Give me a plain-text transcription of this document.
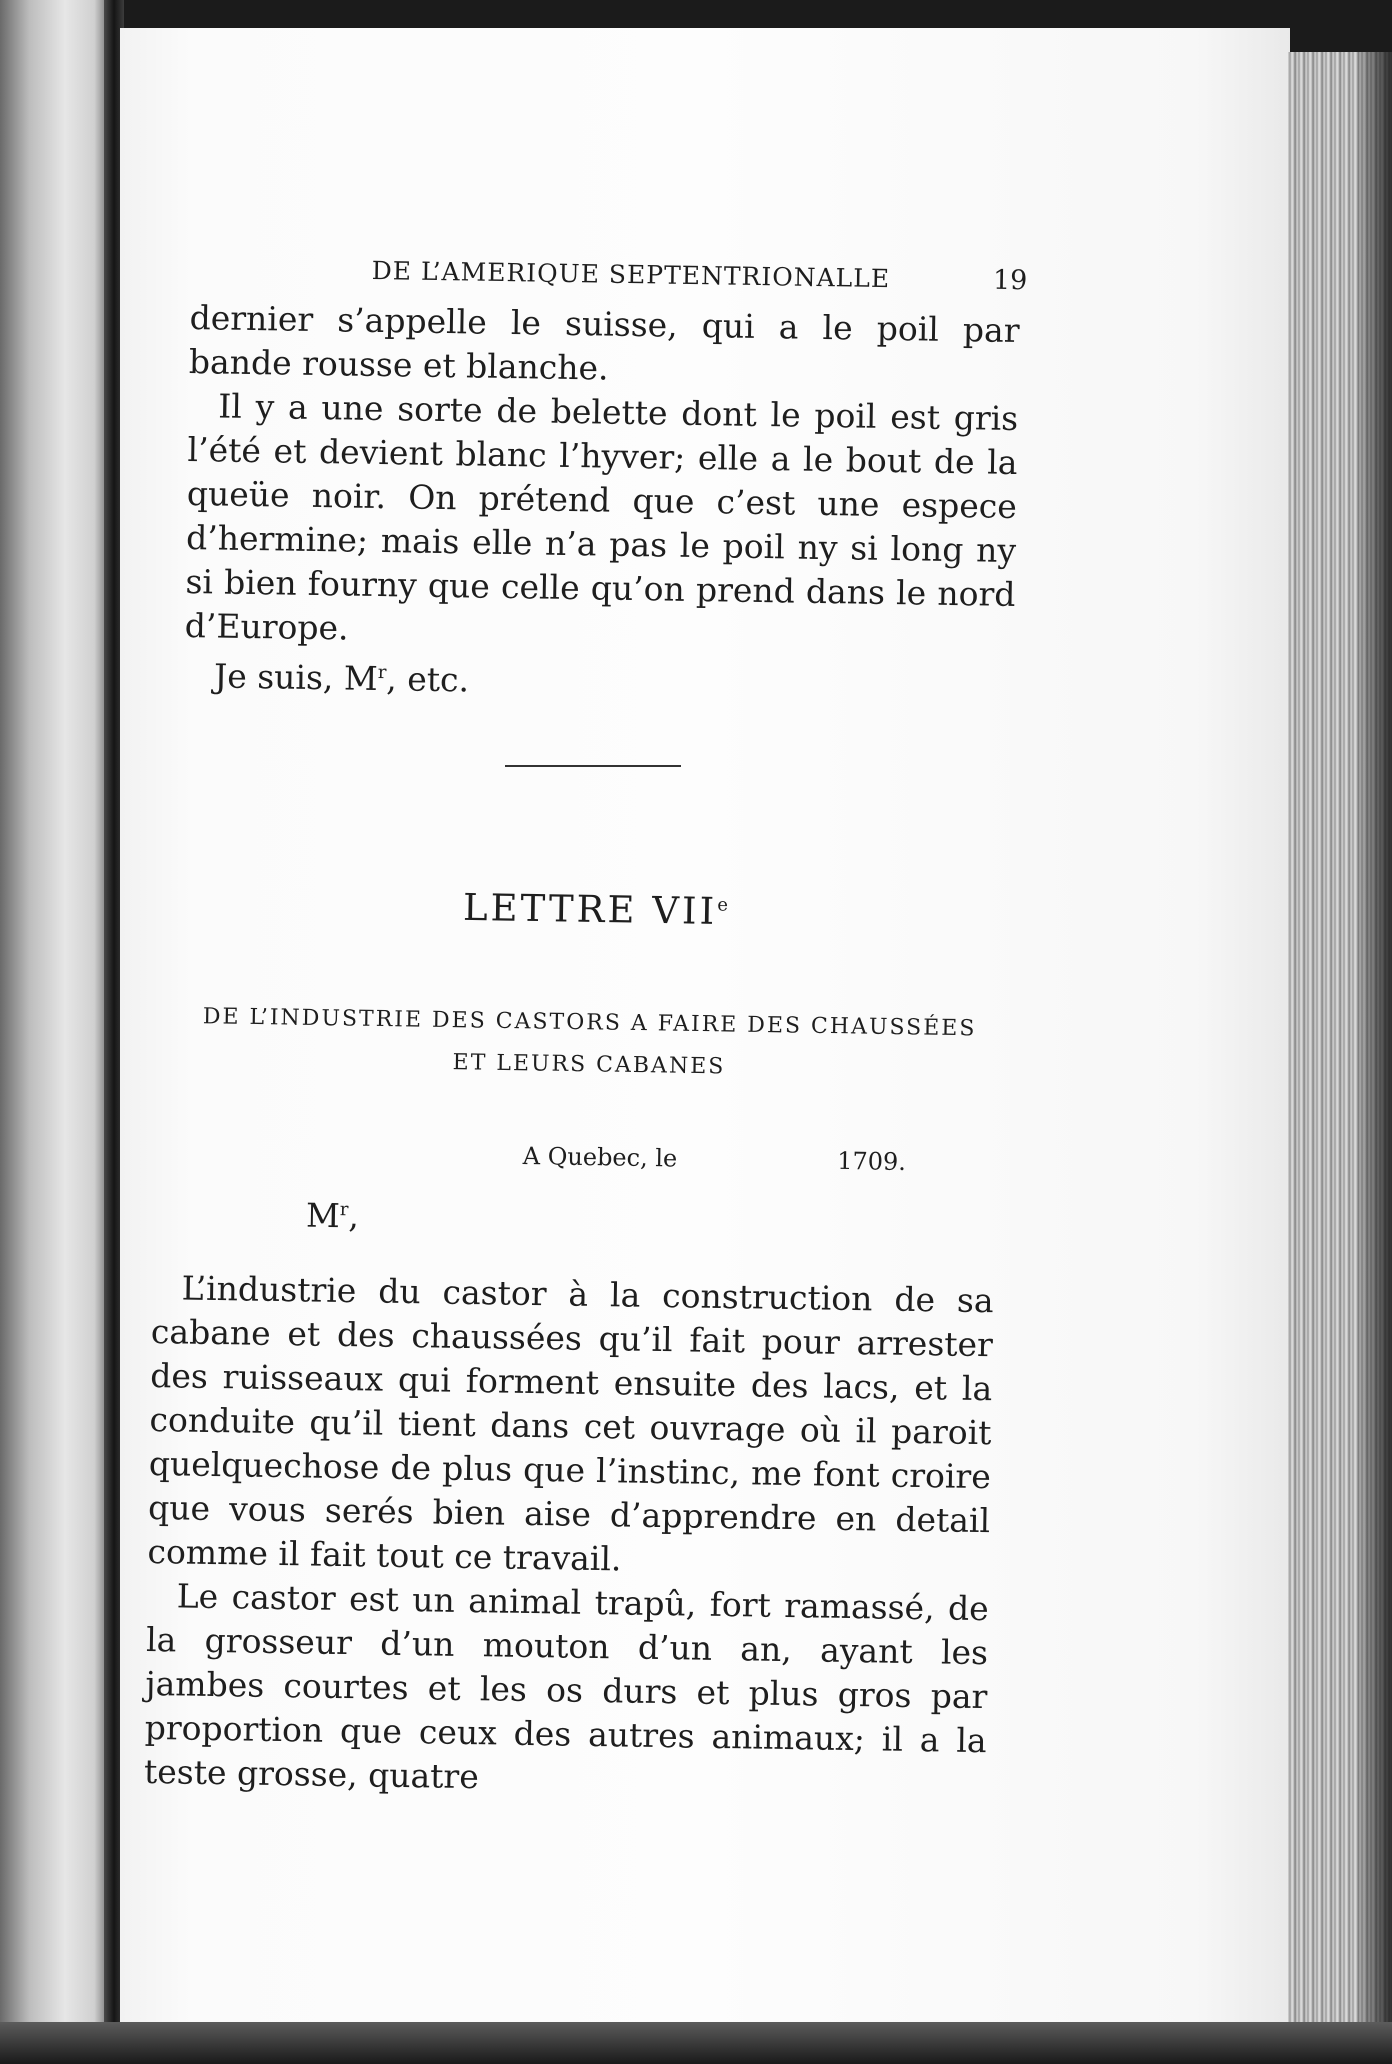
DE L’AMERIQUE SEPTENTRIONALLE	19

dernier s’appelle le suisse, qui a le poil par bande rousse et blanche.

Il y a une sorte de belette dont le poil est gris l’été et devient blanc l’hyver; elle a le bout de la queüe noir. On prétend que c’est une espece d’hermine; mais elle n’a pas le poil ny si long ny si bien fourny que celle qu’on prend dans le nord d’Europe.

Je suis, $M^r$, etc.

LETTRE VIIe
DE L’INDUSTRIE DES CASTORS A FAIRE DES CHAUSSÉES
ET LEURS CABANES
A Quebec, le	1709.
$M^r$,

L’industrie du castor à la construction de sa cabane et des chaussées qu’il fait pour arrester des ruisseaux qui forment ensuite des lacs, et la conduite qu’il tient dans cet ouvrage où il paroit quelquechose de plus que l’instinc, me font croire que vous serés bien aise d’apprendre en detail comme il fait tout ce travail.

Le castor est un animal trapû, fort ramassé, de la grosseur d’un mouton d’un an, ayant les jambes courtes et les os durs et plus gros par proportion que ceux des autres animaux; il a la teste grosse, quatre
